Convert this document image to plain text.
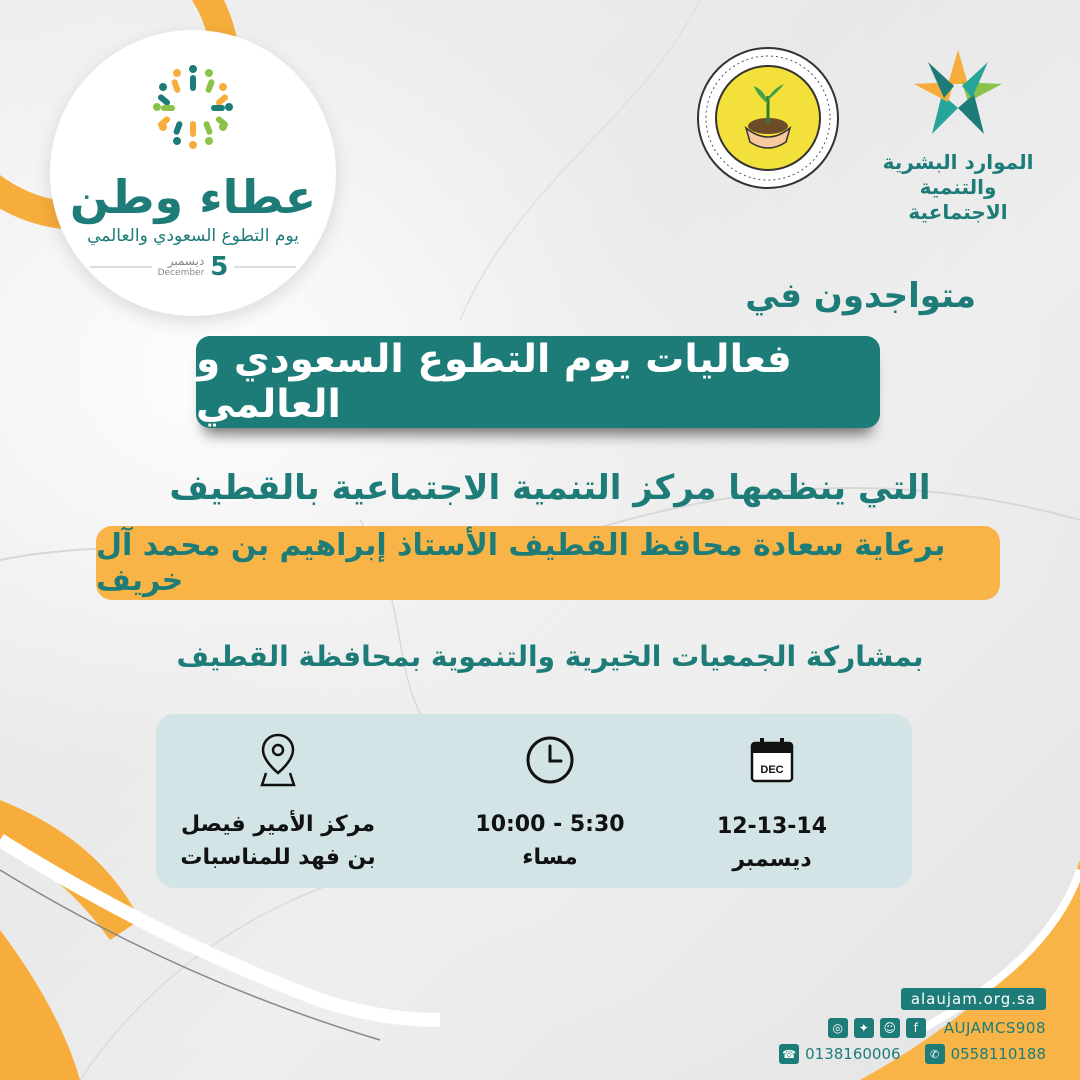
عطاء وطن
يوم التطوع السعودي والعالمي
ديسمبر
December 5
الموارد البشرية
والتنمية الاجتماعية
متواجدون في
فعاليات يوم التطوع السعودي و العالمي
التي ينظمها مركز التنمية الاجتماعية بالقطيف
برعاية سعادة محافظ القطيف الأستاذ إبراهيم بن محمد آل خريف
بمشاركة الجمعيات الخيرية والتنموية بمحافظة القطيف
DEC
12-13-14
ديسمبر
10:00 - 5:30
مساء
مركز الأمير فيصل
بن فهد للمناسبات
alaujam.org.sa
◎	✦	☺	f	AUJAMCS908
☎ 0138160006	✆ 0558110188
